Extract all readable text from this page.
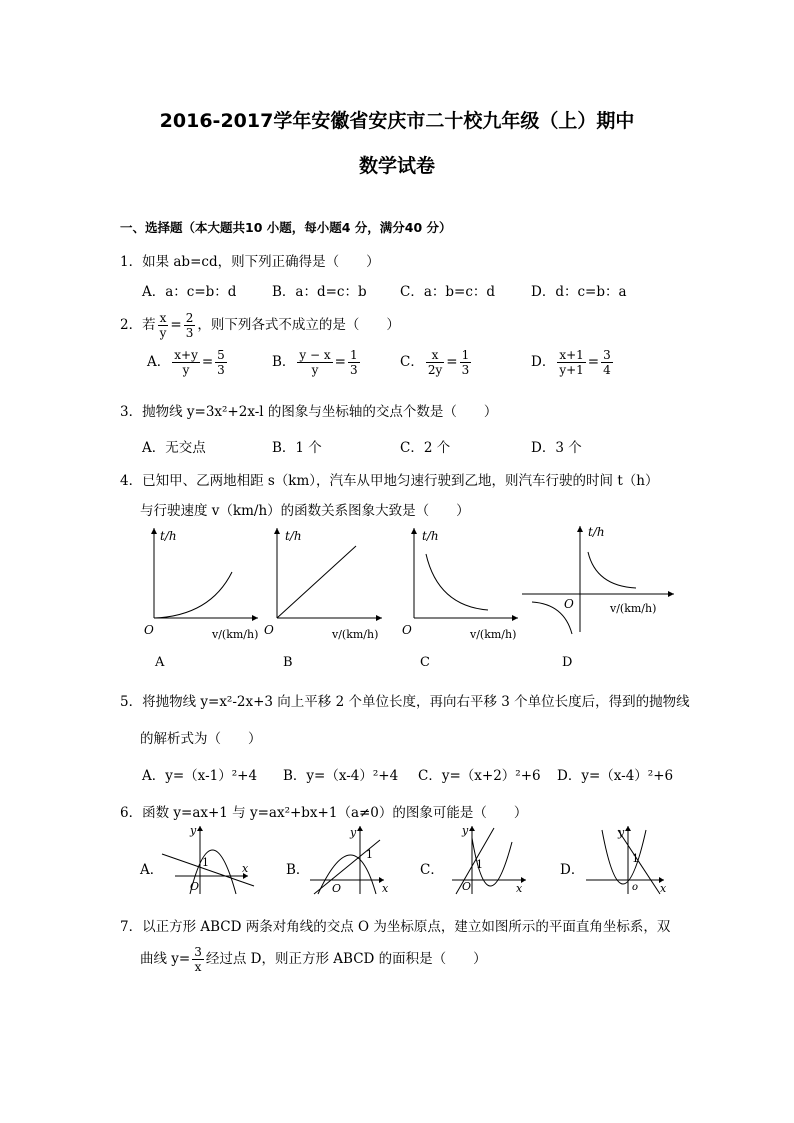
2016-2017学年安徽省安庆市二十校九年级（上）期中
数学试卷
一、选择题（本大题共10 小题，每小题4 分，满分40 分）
1．如果 ab=cd，则下列正确得是（　　）
A．a：c=b：d	B．a：d=c：b C．a：b=c：d	D．d：c=b：a
2．若 $\frac{x}{y} = \frac{2}{3}$ ，则下列各式不成立的是（　　）
A． $\frac{x+y}{y} = \frac{5}{3}$	B． $\frac{y - x}{y} = \frac{1}{3}$	C． $\frac{x}{2y} = \frac{1}{3}$	D． $\frac{x+1}{y+1} = \frac{3}{4}$
3．抛物线 y=3x²+2x-l 的图象与坐标轴的交点个数是（　　）
A．无交点	B．1 个	C．2 个	D．3 个
4．已知甲、乙两地相距 s（km），汽车从甲地匀速行驶到乙地，则汽车行驶的时间 t（h）
与行驶速度 v（km/h）的函数关系图象大致是（　　）
t/h
O	v/(km/h)
t/h
O	v/(km/h)
t/h
O	v/(km/h)
t/h
O	v/(km/h)
A	B	C	D
5．将抛物线 y=x²-2x+3 向上平移 2 个单位长度，再向右平移 3 个单位长度后，得到的抛物线
的解析式为（　　）
A．y=（x-1）²+4 B．y=（x-4）²+4 C．y=（x+2）²+6 D．y=（x-4）²+6
6．函数 y=ax+1 与 y=ax²+bx+1（a≠0）的图象可能是（　　）
A．	B．	C．	D．
y
1
O
x
y
1
O	x
y
1
O	x
y
1
o x
7．以正方形 ABCD 两条对角线的交点 O 为坐标原点，建立如图所示的平面直角坐标系，双
曲线 $y= \frac{3}{x}$ 经过点 D，则正方形 ABCD 的面积是（　　）
